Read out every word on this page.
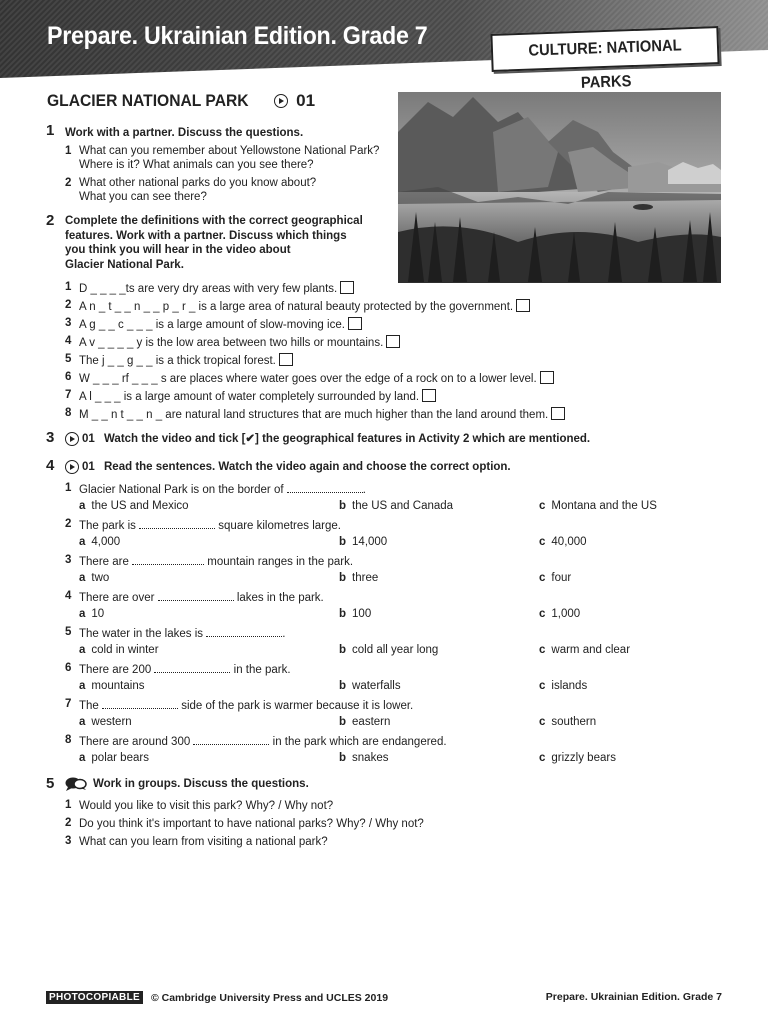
Prepare. Ukrainian Edition. Grade 7	CULTURE: NATIONAL PARKS
GLACIER NATIONAL PARK	01
1 Work with a partner. Discuss the questions.
1 What can you remember about Yellowstone National Park?
Where is it? What animals can you see there?
2 What other national parks do you know about?
What you can see there?
2 Complete the definitions with the correct geographical
features. Work with a partner. Discuss which things
you think you will hear in the video about
Glacier National Park.
1 D _ _ _ _ts are very dry areas with very few plants.
2 A n _ t _ _ n _ _ p _ r _ is a large area of natural beauty protected by the government.
3 A g _ _ c _ _ _ is a large amount of slow-moving ice.
4 A v _ _ _ _ y is the low area between two hills or mountains.
5 The j _ _ g _ _ is a thick tropical forest.
6 W _ _ _ rf _ _ _ s are places where water goes over the edge of a rock on to a lower level.
7 A l _ _ _ is a large amount of water completely surrounded by land.
8 M _ _ n t _ _ n _ are natural land structures that are much higher than the land around them.
3 01
Watch the video and tick [✔] the geographical features in Activity 2 which are mentioned.
4 01
Read the sentences. Watch the video again and choose the correct option.
1 Glacier National Park is on the border of	.
a the US and Mexico	b the US and Canada	c Montana and the US
2 The park is	square kilometres large.
a 4,000	b 14,000	c 40,000
3 There are	mountain ranges in the park.
a two	b three	c four
4 There are over	lakes in the park.
a 10	b 100	c 1,000
5 The water in the lakes is	.
a cold in winter	b cold all year long	c warm and clear
6 There are 200	in the park.
a mountains	b waterfalls	c islands
7 The	side of the park is warmer because it is lower.
a western	b eastern	c southern
8 There are around 300	in the park which are endangered.
a polar bears	b snakes	c grizzly bears
5	Work in groups. Discuss the questions.
1 Would you like to visit this park? Why? / Why not?
2 Do you think it's important to have national parks? Why? / Why not?
3 What can you learn from visiting a national park?
PHOTOCOPIABLE © Cambridge University Press and UCLES 2019	Prepare. Ukrainian Edition. Grade 7
